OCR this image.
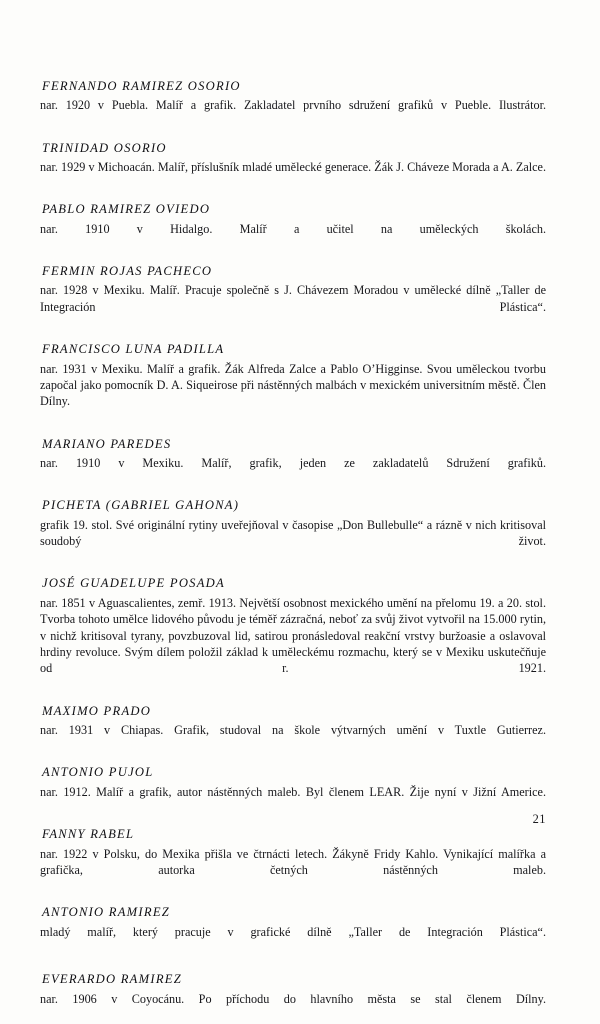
FERNANDO RAMIREZ OSORIO

nar. 1920 v Puebla. Malíř a grafik. Zakladatel prvního sdružení grafiků v Pueble. Ilustrátor.

TRINIDAD OSORIO

nar. 1929 v Michoacán. Malíř, příslušník mladé umělecké generace. Žák J. Cháveze Morada a A. Zalce.

PABLO RAMIREZ OVIEDO

nar. 1910 v Hidalgo. Malíř a učitel na uměleckých školách.

FERMIN ROJAS PACHECO

nar. 1928 v Mexiku. Malíř. Pracuje společně s J. Chávezem Moradou v umělecké dílně „Taller de Integración Plástica“.

FRANCISCO LUNA PADILLA

nar. 1931 v Mexiku. Malíř a grafik. Žák Alfreda Zalce a Pablo O’Higginse. Svou uměleckou tvorbu započal jako pomocník D. A. Siqueirose při nástěnných malbách v mexickém universitním městě. Člen Dílny.

MARIANO PAREDES

nar. 1910 v Mexiku. Malíř, grafik, jeden ze zakladatelů Sdružení grafiků.

PICHETA (GABRIEL GAHONA)

grafik 19. stol. Své originální rytiny uveřejňoval v časopise „Don Bullebulle“ a rázně v nich kritisoval soudobý život.

JOSÉ GUADELUPE POSADA

nar. 1851 v Aguascalientes, zemř. 1913. Největší osobnost mexického umění na přelomu 19. a 20. stol. Tvorba tohoto umělce lidového původu je téměř zázračná, neboť za svůj život vytvořil na 15.000 rytin, v nichž kritisoval tyrany, povzbuzoval lid, satirou pronásledoval reakční vrstvy buržoasie a oslavoval hrdiny revoluce. Svým dílem položil základ k uměleckému rozmachu, který se v Mexiku uskutečňuje od r. 1921.

MAXIMO PRADO

nar. 1931 v Chiapas. Grafik, studoval na škole výtvarných umění v Tuxtle Gutierrez.

ANTONIO PUJOL

nar. 1912. Malíř a grafik, autor nástěnných maleb. Byl členem LEAR. Žije nyní v Jižní Americe.

FANNY RABEL

nar. 1922 v Polsku, do Mexika přišla ve čtrnácti letech. Žákyně Fridy Kahlo. Vynikající malířka a grafička, autorka četných nástěnných maleb.

ANTONIO RAMIREZ

mladý malíř, který pracuje v grafické dílně „Taller de Integración Plástica“.

EVERARDO RAMIREZ

nar. 1906 v Coyocánu. Po příchodu do hlavního města se stal členem Dílny.

21
